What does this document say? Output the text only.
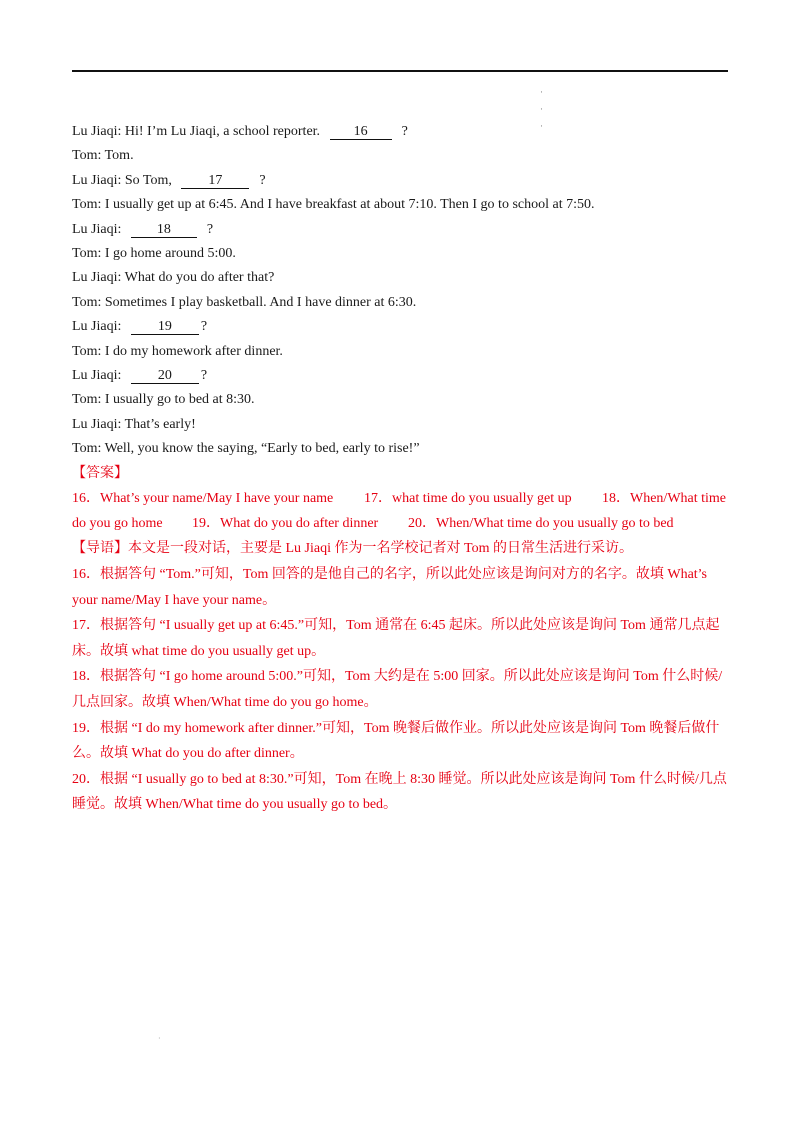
·
·
·
Lu Jiaqi: Hi! I’m Lu Jiaqi, a school reporter. 16 ?
Tom: Tom.
Lu Jiaqi: So Tom,	17	?
Tom: I usually get up at 6:45. And I have breakfast at about 7:10. Then I go to school at 7:50.
Lu Jiaqi:	18	?
Tom: I go home around 5:00.
Lu Jiaqi: What do you do after that?
Tom: Sometimes I play basketball. And I have dinner at 6:30.
Lu Jiaqi:	19 ?
Tom: I do my homework after dinner.
Lu Jiaqi:	20 ?
Tom: I usually go to bed at 8:30.
Lu Jiaqi: That’s early!
Tom: Well, you know the saying, “Early to bed, early to rise!”
【答案】
16．What’s your name/May I have your name 17．what time do you usually get up 18．When/What time
do you go home 19．What do you do after dinner 20．When/What time do you usually go to bed

【导语】本文是一段对话，主要是 Lu Jiaqi 作为一名学校记者对 Tom 的日常生活进行采访。

16．根据答句 “Tom.”可知，Tom 回答的是他自己的名字，所以此处应该是询问对方的名字。故填 What’s your name/May I have your name。

17．根据答句 “I usually get up at 6:45.”可知，Tom 通常在 6:45 起床。所以此处应该是询问 Tom 通常几点起床。故填 what time do you usually get up。

18．根据答句 “I go home around 5:00.”可知，Tom 大约是在 5:00 回家。所以此处应该是询问 Tom 什么时候/几点回家。故填 When/What time do you go home。

19．根据 “I do my homework after dinner.”可知，Tom 晚餐后做作业。所以此处应该是询问 Tom 晚餐后做什么。故填 What do you do after dinner。

20．根据 “I usually go to bed at 8:30.”可知，Tom 在晚上 8:30 睡觉。所以此处应该是询问 Tom 什么时候/几点睡觉。故填 When/What time do you usually go to bed。

·
